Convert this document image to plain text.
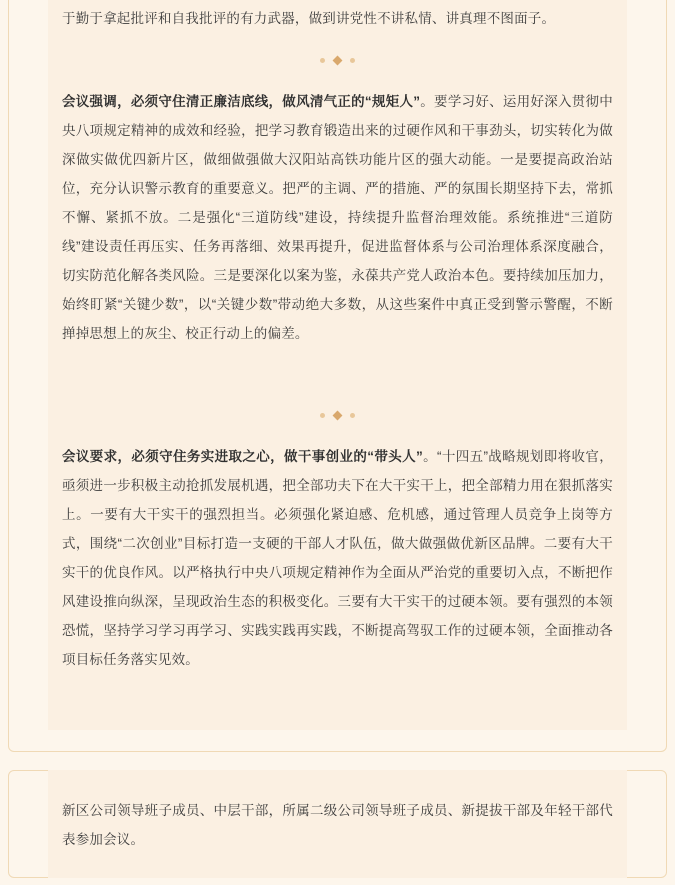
于勤于拿起批评和自我批评的有力武器，做到讲党性不讲私情、讲真理不图面子。

会议强调，必须守住清正廉洁底线，做风清气正的“规矩人”。要学习好、运用好深入贯彻中央八项规定精神的成效和经验，把学习教育锻造出来的过硬作风和干事劲头，切实转化为做深做实做优四新片区，做细做强做大汉阳站高铁功能片区的强大动能。一是要提高政治站位，充分认识警示教育的重要意义。把严的主调、严的措施、严的氛围长期坚持下去，常抓不懈、紧抓不放。二是强化“三道防线”建设，持续提升监督治理效能。系统推进“三道防线”建设责任再压实、任务再落细、效果再提升，促进监督体系与公司治理体系深度融合，切实防范化解各类风险。三是要深化以案为鉴，永葆共产党人政治本色。要持续加压加力，始终盯紧“关键少数”，以“关键少数”带动绝大多数，从这些案件中真正受到警示警醒，不断掸掉思想上的灰尘、校正行动上的偏差。

会议要求，必须守住务实进取之心，做干事创业的“带头人”。“十四五”战略规划即将收官，亟须进一步积极主动抢抓发展机遇，把全部功夫下在大干实干上，把全部精力用在狠抓落实上。一要有大干实干的强烈担当。必须强化紧迫感、危机感，通过管理人员竞争上岗等方式，围绕“二次创业”目标打造一支硬的干部人才队伍，做大做强做优新区品牌。二要有大干实干的优良作风。以严格执行中央八项规定精神作为全面从严治党的重要切入点，不断把作风建设推向纵深，呈现政治生态的积极变化。三要有大干实干的过硬本领。要有强烈的本领恐慌，坚持学习学习再学习、实践实践再实践，不断提高驾驭工作的过硬本领，全面推动各项目标任务落实见效。

新区公司领导班子成员、中层干部，所属二级公司领导班子成员、新提拔干部及年轻干部代表参加会议。
